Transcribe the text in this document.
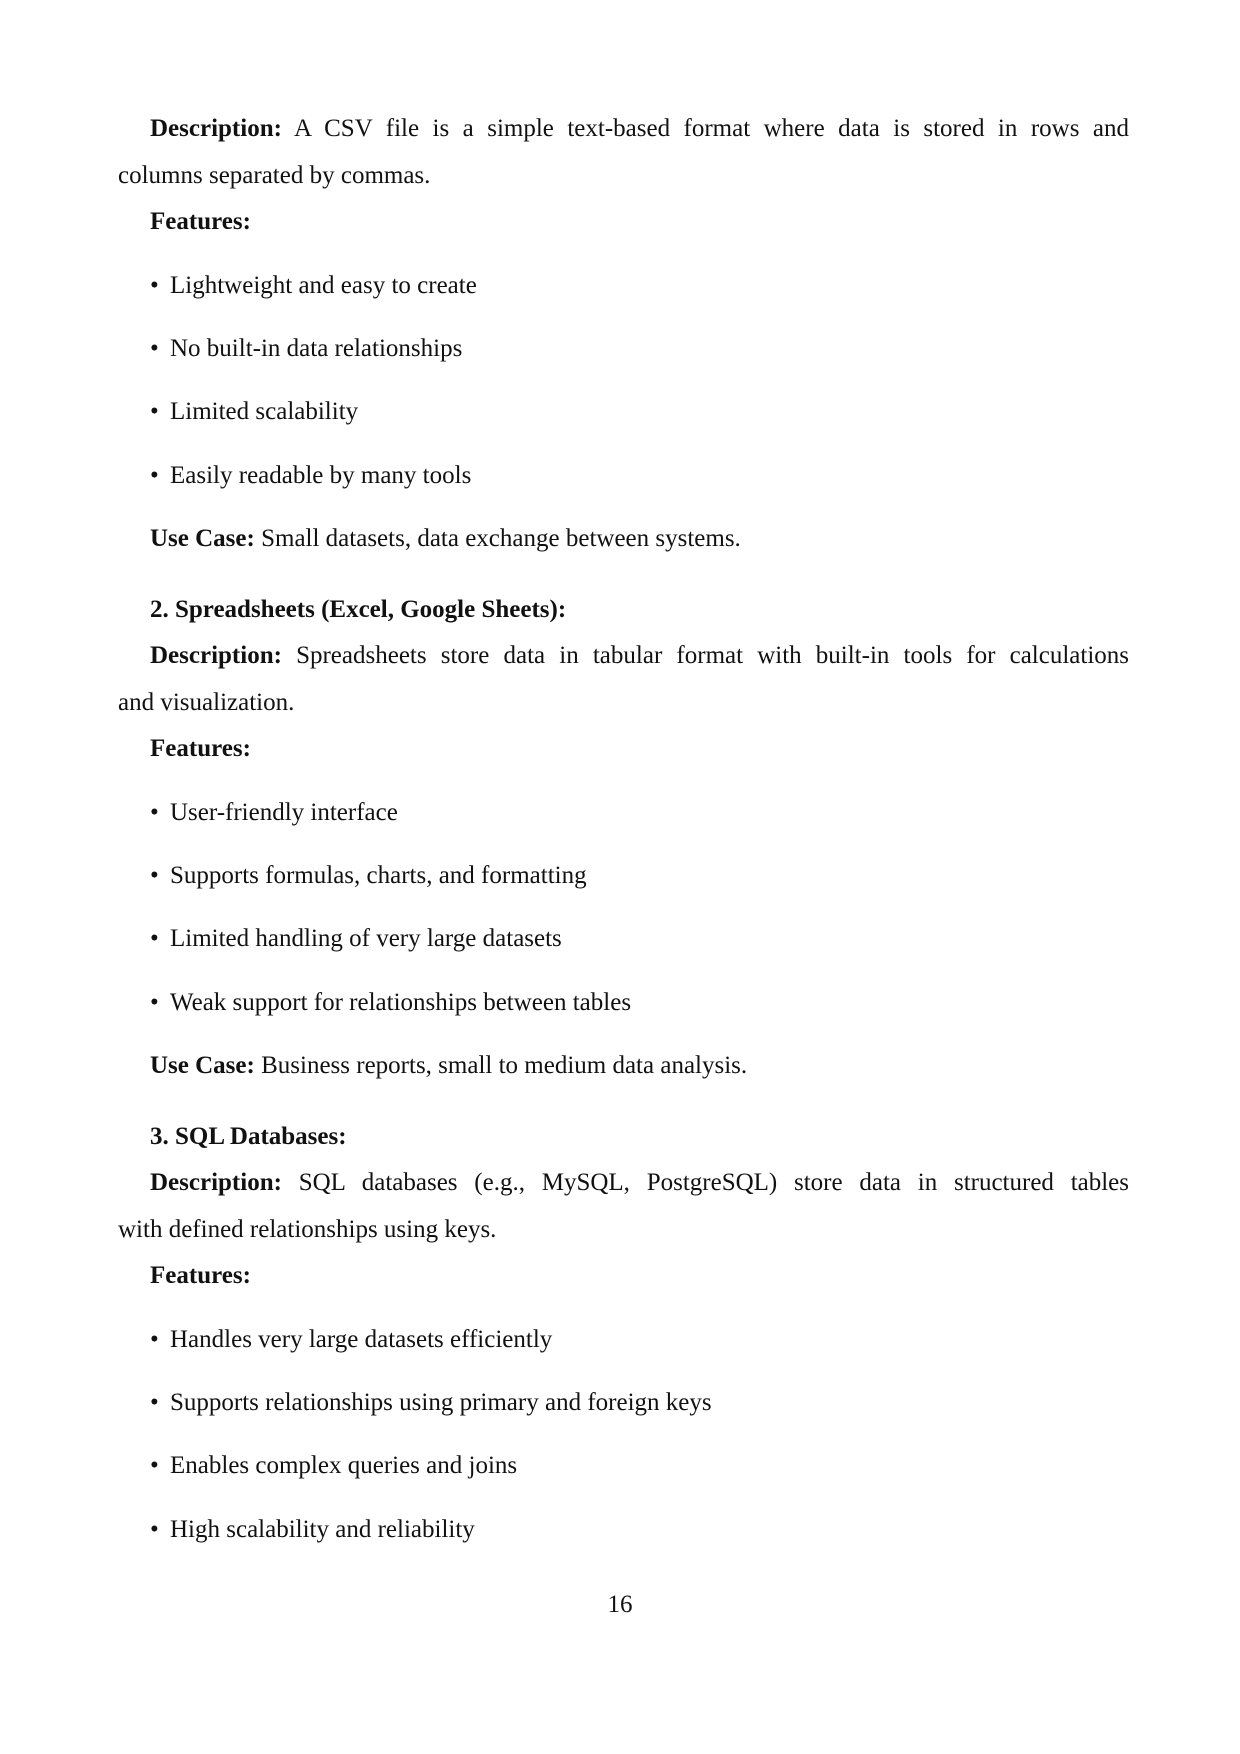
Description: A CSV file is a simple text-based format where data is stored in rows and
columns separated by commas.
Features:
• Lightweight and easy to create
• No built-in data relationships
• Limited scalability
• Easily readable by many tools
Use Case: Small datasets, data exchange between systems.
2. Spreadsheets (Excel, Google Sheets):
Description: Spreadsheets store data in tabular format with built-in tools for calculations
and visualization.
Features:
• User-friendly interface
• Supports formulas, charts, and formatting
• Limited handling of very large datasets
• Weak support for relationships between tables
Use Case: Business reports, small to medium data analysis.
3. SQL Databases:
Description: SQL databases (e.g., MySQL, PostgreSQL) store data in structured tables
with defined relationships using keys.
Features:
• Handles very large datasets efficiently
• Supports relationships using primary and foreign keys
• Enables complex queries and joins
• High scalability and reliability
16
